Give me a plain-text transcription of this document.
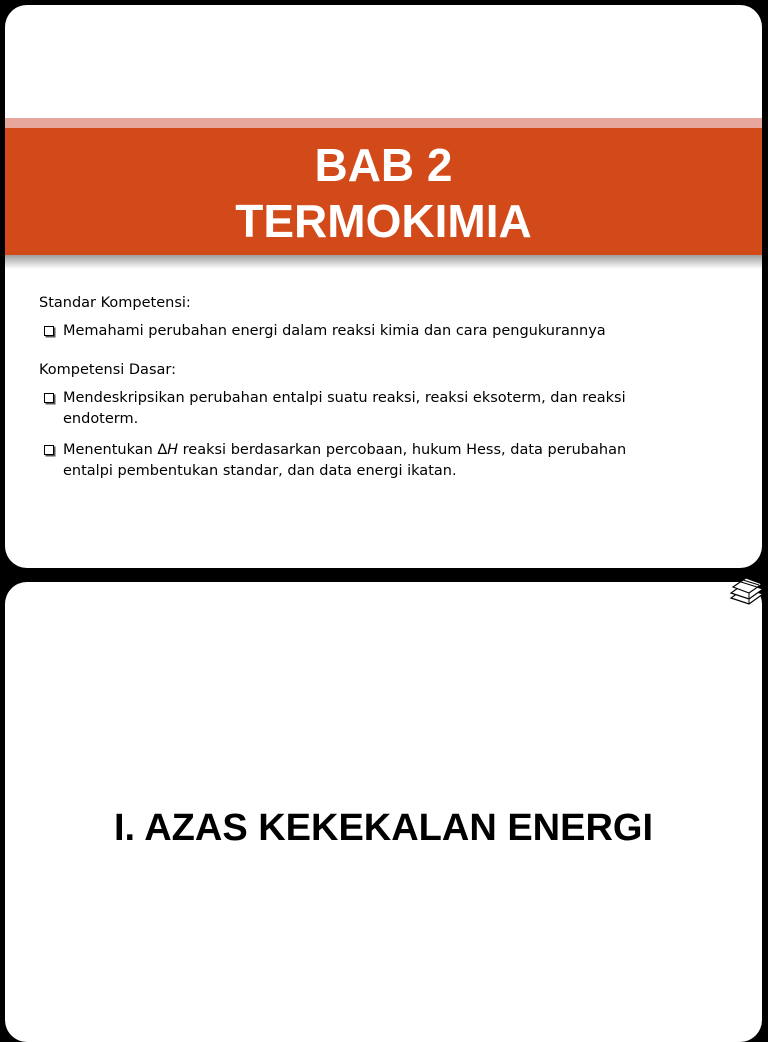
BAB 2
TERMOKIMIA

Standar Kompetensi:

Memahami perubahan energi dalam reaksi kimia dan cara pengukurannya

Kompetensi Dasar:

Mendeskripsikan perubahan entalpi suatu reaksi, reaksi eksoterm, dan reaksi endoterm.
Menentukan ∆H reaksi berdasarkan percobaan, hukum Hess, data perubahan entalpi pembentukan standar, dan data energi ikatan.
I. AZAS KEKEKALAN ENERGI
